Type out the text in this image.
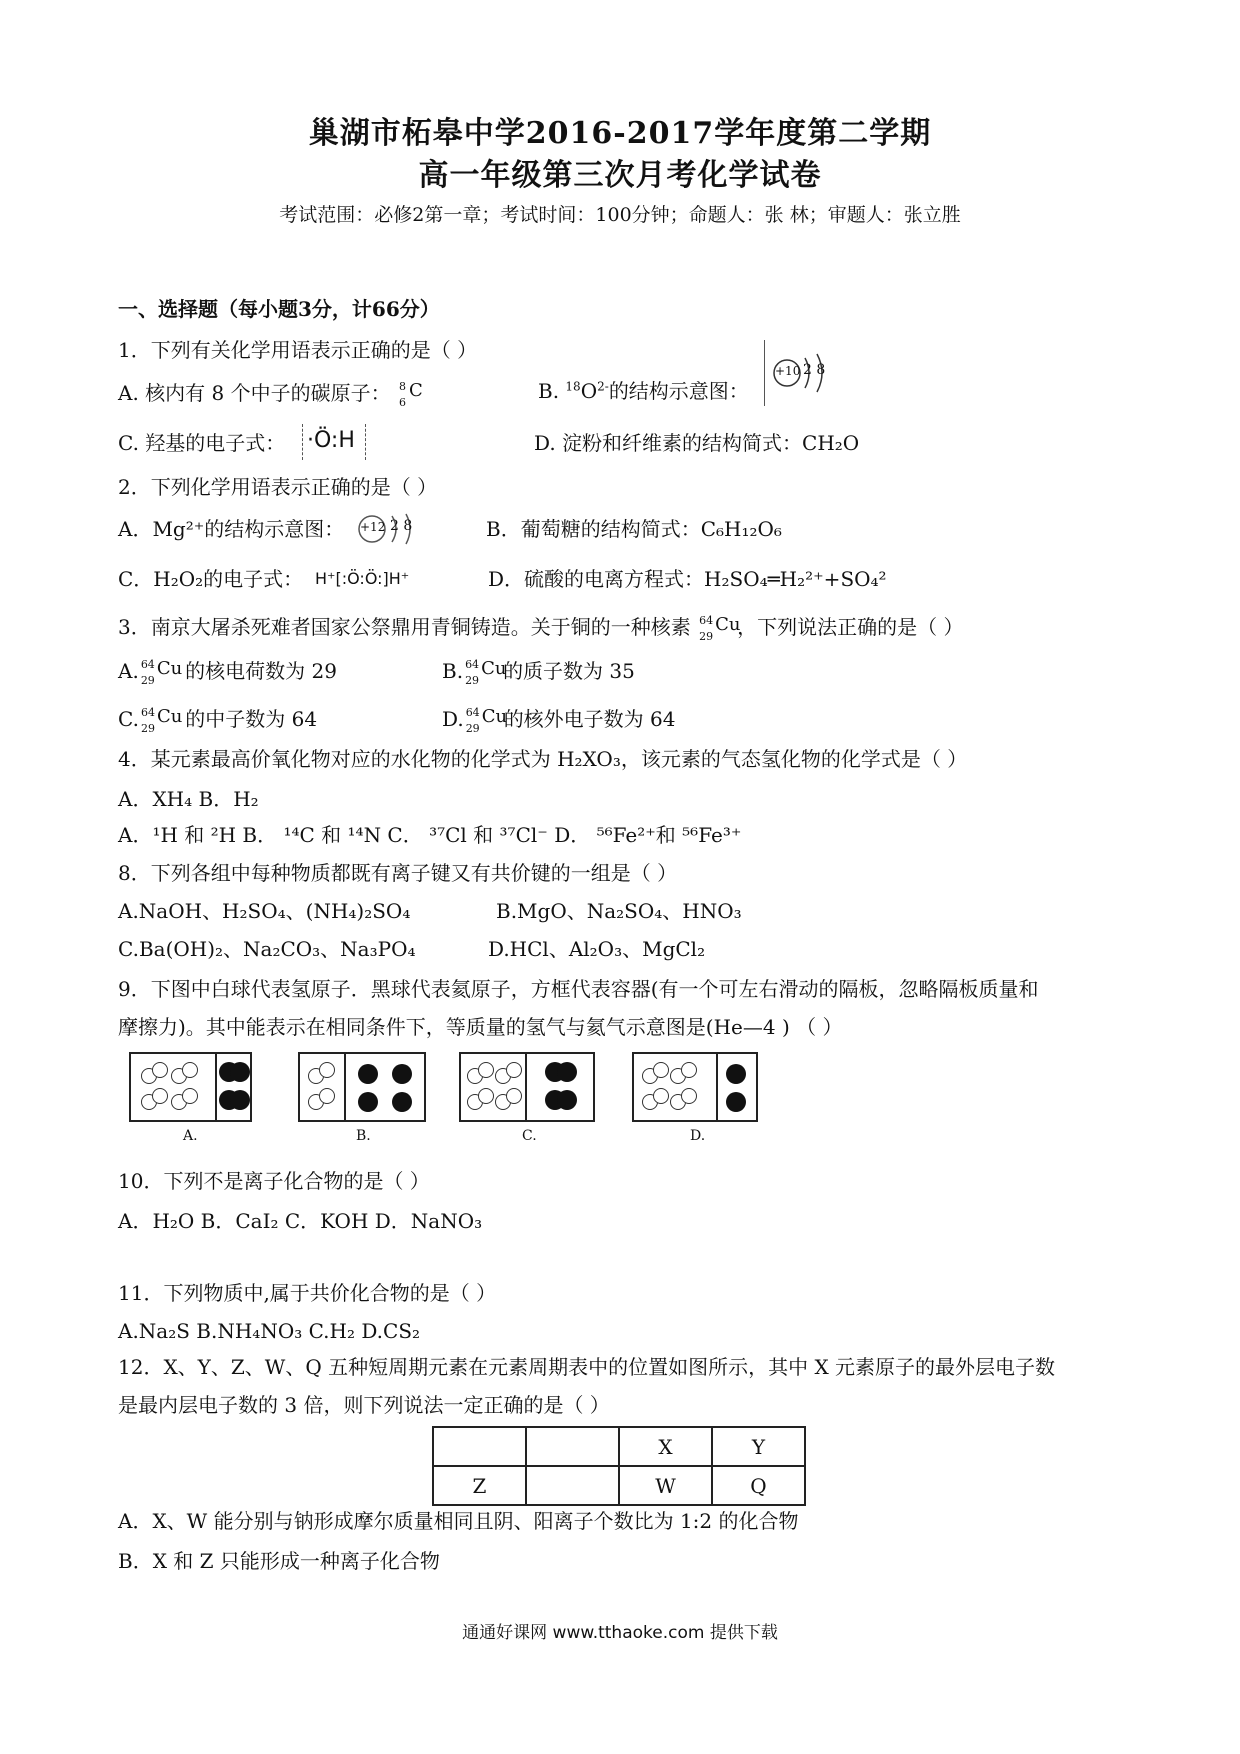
巢湖市柘皋中学2016-2017学年度第二学期
高一年级第三次月考化学试卷
考试范围：必修2第一章；考试时间：100分钟；命题人：张 林；审题人：张立胜
一、选择题（每小题3分，计66分）
1．下列有关化学用语表示正确的是（ ）
A. 核内有 8 个中子的碳原子： 8
6
C	B. $^{18}O^{2-}$的结构示意图：
+10 2 8
C. 羟基的电子式： ·Ö:H	D. 淀粉和纤维素的结构简式：CH₂O
2．下列化学用语表示正确的是（ ）
A．Mg²⁺的结构示意图： +12 2 8	B．葡萄糖的结构简式：C₆H₁₂O₆
C．H₂O₂的电子式： H⁺[:Ö:Ö:]H⁺	D．硫酸的电离方程式：H₂SO₄═H₂²⁺+SO₄²
3．南京大屠杀死难者国家公祭鼎用青铜铸造。关于铜的一种核素 64
29
Cu
，下列说法正确的是（ ）
A. 64
29
Cu
的核电荷数为 29	B. 64
29
Cu
的质子数为 35
C. 64
29
Cu
的中子数为 64	D. 64
29
Cu
的核外电子数为 64
4．某元素最高价氧化物对应的水化物的化学式为 H₂XO₃，该元素的气态氢化物的化学式是（ ）
A．XH₄ B．H₂
A．¹H 和 ²H B． ¹⁴C 和 ¹⁴N C． ³⁷Cl 和 ³⁷Cl⁻ D． ⁵⁶Fe²⁺和 ⁵⁶Fe³⁺
8．下列各组中每种物质都既有离子键又有共价键的一组是（ ）
A.NaOH、H₂SO₄、(NH₄)₂SO₄	B.MgO、Na₂SO₄、HNO₃
C.Ba(OH)₂、Na₂CO₃、Na₃PO₄	D.HCl、Al₂O₃、MgCl₂
9．下图中白球代表氢原子．黑球代表氦原子，方框代表容器(有一个可左右滑动的隔板，忽略隔板质量和
摩擦力)。其中能表示在相同条件下，等质量的氢气与氦气示意图是(He—4 ) （ ）
A.	B.	C.	D.
10．下列不是离子化合物的是（ ）
A．H₂O B．CaI₂ C．KOH D．NaNO₃
11．下列物质中,属于共价化合物的是（ ）
A.Na₂S B.NH₄NO₃ C.H₂ D.CS₂
12．X、Y、Z、W、Q 五种短周期元素在元素周期表中的位置如图所示，其中 X 元素原子的最外层电子数
是最内层电子数的 3 倍，则下列说法一定正确的是（ ）
		X	Y
Z		W	Q
A．X、W 能分别与钠形成摩尔质量相同且阴、阳离子个数比为 1:2 的化合物
B．X 和 Z 只能形成一种离子化合物
通通好课网 www.tthaoke.com 提供下载
